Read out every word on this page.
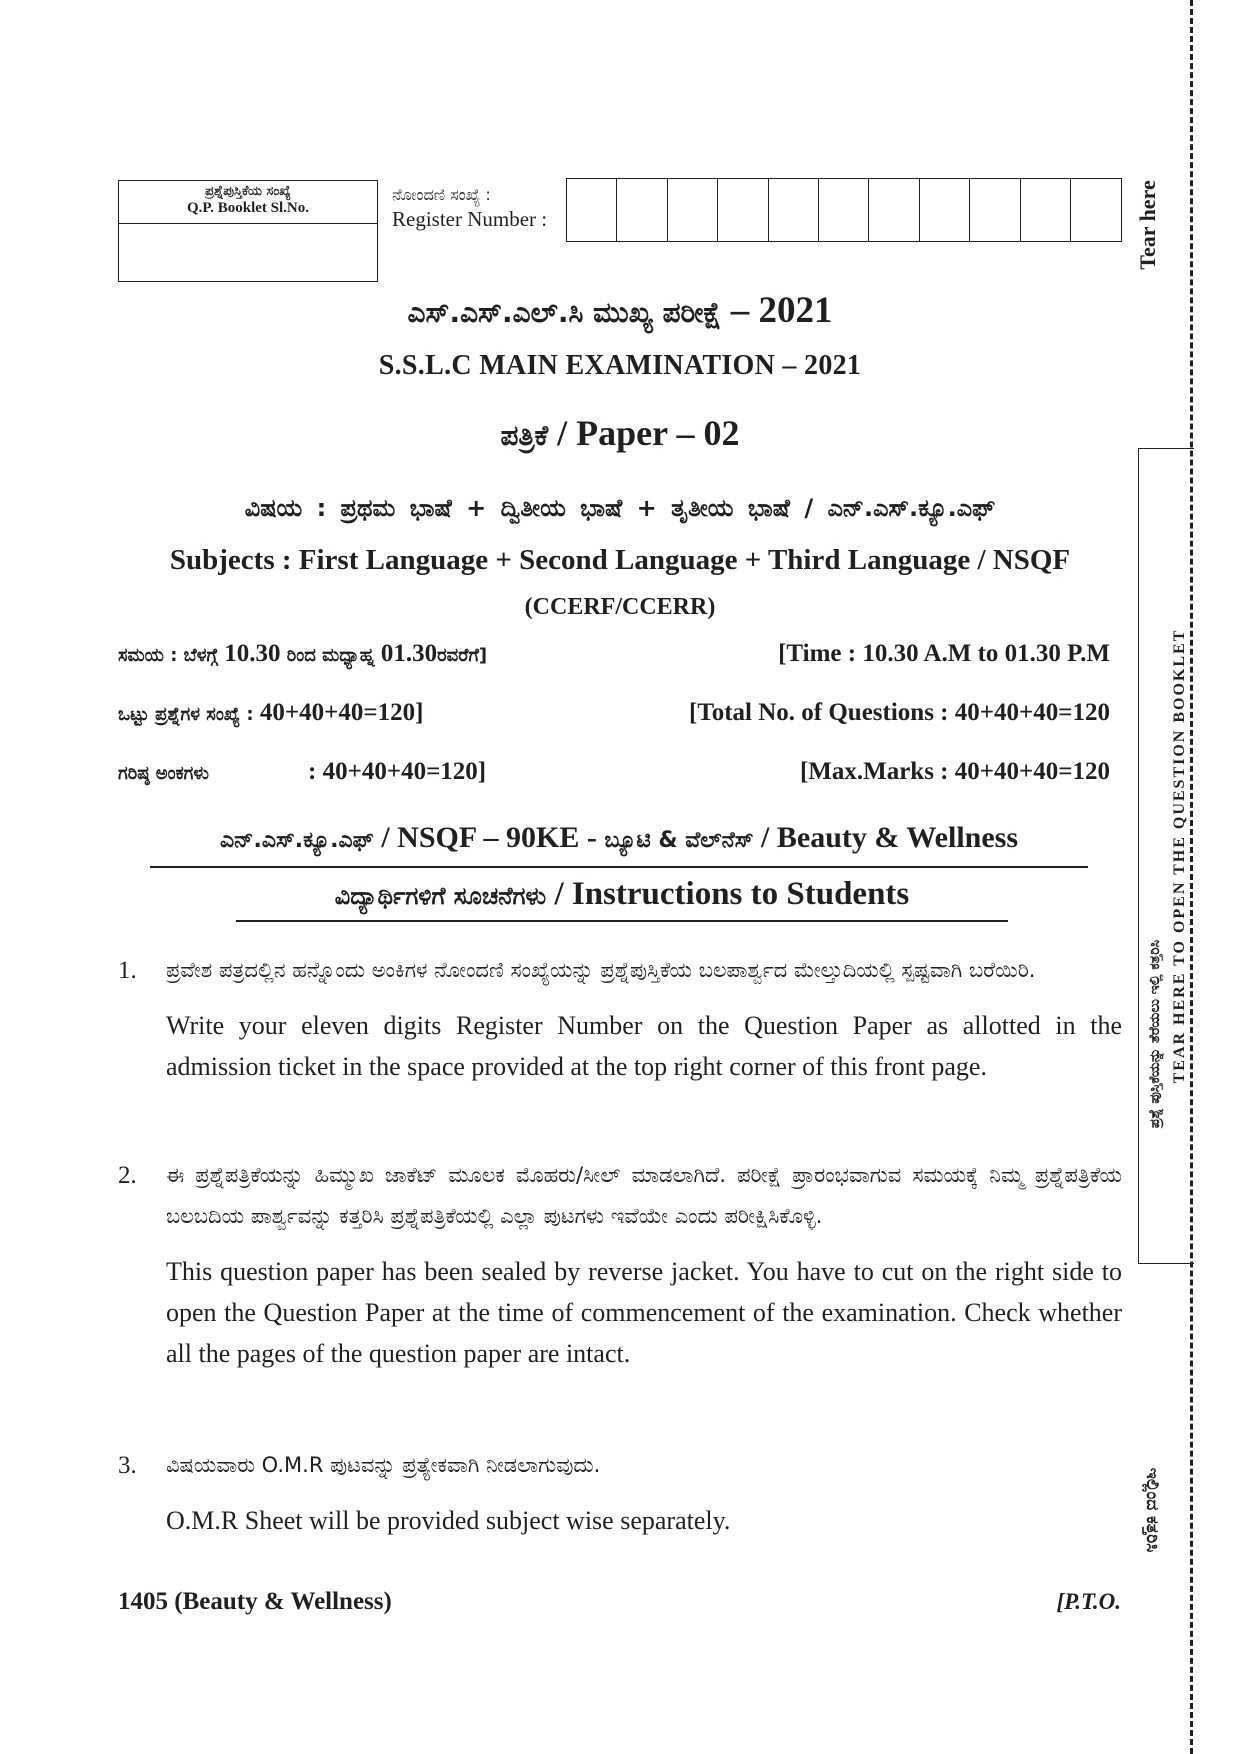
ಪ್ರಶ್ನೆಪುಸ್ತಿಕೆಯ ಸಂಖ್ಯೆ
Q.P. Booklet Sl.No.
ನೋಂದಣಿ ಸಂಖ್ಯೆ :
Register Number :
ಎಸ್.ಎಸ್.ಎಲ್.ಸಿ ಮುಖ್ಯ ಪರೀಕ್ಷೆ – 2021
S.S.L.C MAIN EXAMINATION – 2021
ಪತ್ರಿಕೆ / Paper – 02
ವಿಷಯ : ಪ್ರಥಮ ಭಾಷೆ + ದ್ವಿತೀಯ ಭಾಷೆ + ತೃತೀಯ ಭಾಷೆ / ಎನ್.ಎಸ್.ಕ್ಯೂ.ಎಫ್
Subjects : First Language + Second Language + Third Language / NSQF
(CCERF/CCERR)
ಸಮಯ : ಬೆಳಗ್ಗೆ 10.30 ರಿಂದ ಮಧ್ಯಾಹ್ನ 01.30ರವರೆಗೆ]	[Time : 10.30 A.M to 01.30 P.M
ಒಟ್ಟು ಪ್ರಶ್ನೆಗಳ ಸಂಖ್ಯೆ : 40+40+40=120]	[Total No. of Questions : 40+40+40=120
ಗರಿಷ್ಠ ಅಂಕಗಳು	: 40+40+40=120]	[Max.Marks : 40+40+40=120
ಎನ್.ಎಸ್.ಕ್ಯೂ.ಎಫ್ / NSQF – 90KE - ಬ್ಯೂಟಿ & ವೆಲ್‌ನೆಸ್ / Beauty & Wellness
ವಿದ್ಯಾರ್ಥಿಗಳಿಗೆ ಸೂಚನೆಗಳು / Instructions to Students
1. ಪ್ರವೇಶ ಪತ್ರದಲ್ಲಿನ ಹನ್ನೊಂದು ಅಂಕಿಗಳ ನೋಂದಣಿ ಸಂಖ್ಯೆಯನ್ನು ಪ್ರಶ್ನೆಪುಸ್ತಿಕೆಯ ಬಲಪಾರ್ಶ್ವದ ಮೇಲ್ತುದಿಯಲ್ಲಿ ಸ್ಪಷ್ಟವಾಗಿ ಬರೆಯಿರಿ.
Write your eleven digits Register Number on the Question Paper as allotted in the admission ticket in the space provided at the top right corner of this front page.
2. ಈ ಪ್ರಶ್ನೆಪತ್ರಿಕೆಯನ್ನು ಹಿಮ್ಮುಖ ಜಾಕೆಟ್ ಮೂಲಕ ಮೊಹರು/ಸೀಲ್ ಮಾಡಲಾಗಿದೆ. ಪರೀಕ್ಷೆ ಪ್ರಾರಂಭವಾಗುವ ಸಮಯಕ್ಕೆ ನಿಮ್ಮ ಪ್ರಶ್ನೆಪತ್ರಿಕೆಯ ಬಲಬದಿಯ ಪಾರ್ಶ್ವವನ್ನು ಕತ್ತರಿಸಿ ಪ್ರಶ್ನೆಪತ್ರಿಕೆಯಲ್ಲಿ ಎಲ್ಲಾ ಪುಟಗಳು ಇವೆಯೇ ಎಂದು ಪರೀಕ್ಷಿಸಿಕೊಳ್ಳಿ.
This question paper has been sealed by reverse jacket. You have to cut on the right side to open the Question Paper at the time of commencement of the examination. Check whether all the pages of the question paper are intact.
3. ವಿಷಯವಾರು O.M.R ಪುಟವನ್ನು ಪ್ರತ್ಯೇಕವಾಗಿ ನೀಡಲಾಗುವುದು.
O.M.R Sheet will be provided subject wise separately.
1405 (Beauty & Wellness)	[P.T.O.
Tear here
TEAR HERE TO OPEN THE QUESTION BOOKLET
ಪ್ರಶ್ನೆ ಪುಸ್ತಿಕೆಯನ್ನು ತೆರೆಯಲು ಇಲ್ಲಿ ಕತ್ತರಿಸಿ
ಇಲ್ಲಿಂದ ಕತ್ತರಿಸಿ
